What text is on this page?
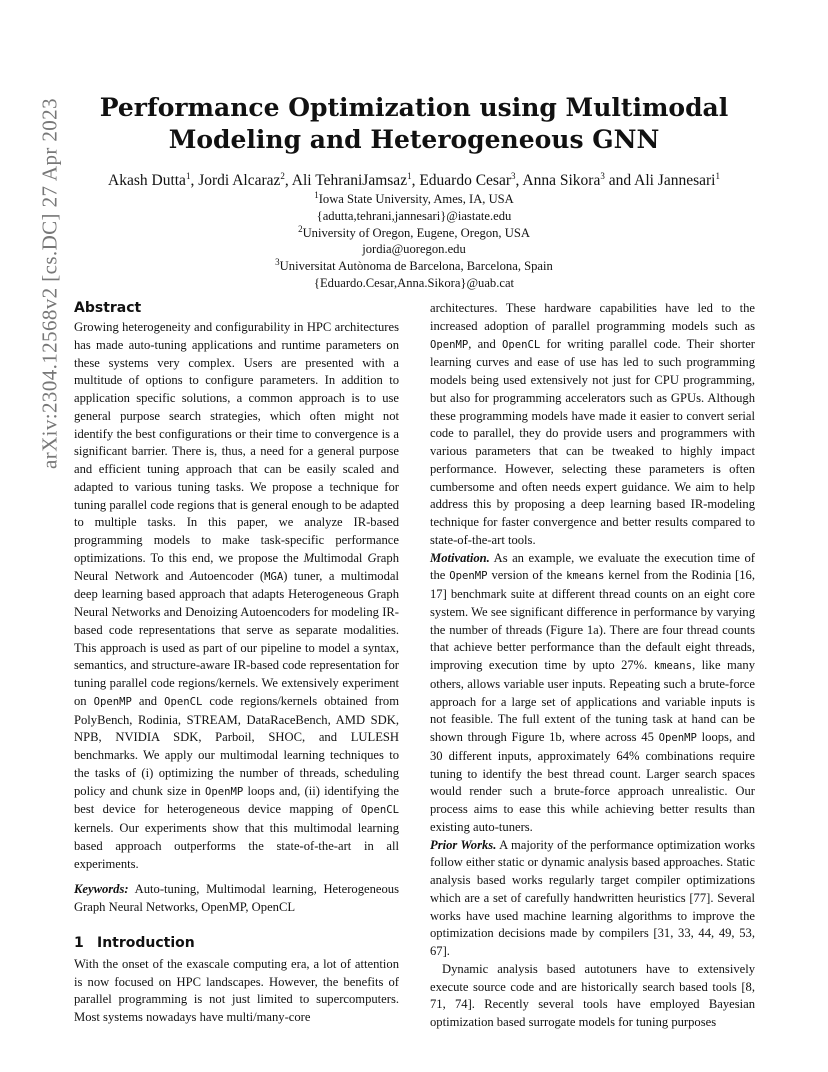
Performance Optimization using Multimodal
Modeling and Heterogeneous GNN
Akash Dutta$^1$, Jordi Alcaraz$^2$, Ali TehraniJamsaz$^1$, Eduardo Cesar$^3$, Anna Sikora$^3$ and Ali Jannesari$^1$
$^1$Iowa State University, Ames, IA, USA
{adutta,tehrani,jannesari}@iastate.edu
$^2$University of Oregon, Eugene, Oregon, USA
jordia@uoregon.edu
$^3$Universitat Autònoma de Barcelona, Barcelona, Spain
{Eduardo.Cesar,Anna.Sikora}@uab.cat
arXiv:2304.12568v2 [cs.DC] 27 Apr 2023 Abstract

Growing heterogeneity and configurability in HPC architectures has made auto-tuning applications and runtime parameters on these systems very complex. Users are presented with a multitude of options to configure parameters. In addition to application specific solutions, a common approach is to use general purpose search strategies, which often might not identify the best configurations or their time to convergence is a significant barrier. There is, thus, a need for a general purpose and efficient tuning approach that can be easily scaled and adapted to various tuning tasks. We propose a technique for tuning parallel code regions that is general enough to be adapted to multiple tasks. In this paper, we analyze IR-based programming models to make task-specific performance optimizations. To this end, we propose the Multimodal Graph Neural Network and Autoencoder (MGA) tuner, a multimodal deep learning based approach that adapts Heterogeneous Graph Neural Networks and Denoizing Autoencoders for modeling IR-based code representations that serve as separate modalities. This approach is used as part of our pipeline to model a syntax, semantics, and structure-aware IR-based code representation for tuning parallel code regions/kernels. We extensively experiment on OpenMP and OpenCL code regions/kernels obtained from PolyBench, Rodinia, STREAM, DataRaceBench, AMD SDK, NPB, NVIDIA SDK, Parboil, SHOC, and LULESH benchmarks. We apply our multimodal learning techniques to the tasks of (i) optimizing the number of threads, scheduling policy and chunk size in OpenMP loops and, (ii) identifying the best device for heterogeneous device mapping of OpenCL kernels. Our experiments show that this multimodal learning based approach outperforms the state-of-the-art in all experiments.

Keywords: Auto-tuning, Multimodal learning, Heterogeneous Graph Neural Networks, OpenMP, OpenCL

1 Introduction

With the onset of the exascale computing era, a lot of attention is now focused on HPC landscapes. However, the benefits of parallel programming is not just limited to supercomputers. Most systems nowadays have multi/many-core

architectures. These hardware capabilities have led to the increased adoption of parallel programming models such as OpenMP, and OpenCL for writing parallel code. Their shorter learning curves and ease of use has led to such programming models being used extensively not just for CPU programming, but also for programming accelerators such as GPUs. Although these programming models have made it easier to convert serial code to parallel, they do provide users and programmers with various parameters that can be tweaked to highly impact performance. However, selecting these parameters is often cumbersome and often needs expert guidance. We aim to help address this by proposing a deep learning based IR-modeling technique for faster convergence and better results compared to state-of-the-art tools.

Motivation. As an example, we evaluate the execution time of the OpenMP version of the kmeans kernel from the Rodinia [16, 17] benchmark suite at different thread counts on an eight core system. We see significant difference in performance by varying the number of threads (Figure 1a). There are four thread counts that achieve better performance than the default eight threads, improving execution time by upto 27%. kmeans, like many others, allows variable user inputs. Repeating such a brute-force approach for a large set of applications and variable inputs is not feasible. The full extent of the tuning task at hand can be shown through Figure 1b, where across 45 OpenMP loops, and 30 different inputs, approximately 64% combinations require tuning to identify the best thread count. Larger search spaces would render such a brute-force approach unrealistic. Our process aims to ease this while achieving better results than existing auto-tuners.

Prior Works. A majority of the performance optimization works follow either static or dynamic analysis based approaches. Static analysis based works regularly target compiler optimizations which are a set of carefully handwritten heuristics [77]. Several works have used machine learning algorithms to improve the optimization decisions made by compilers [31, 33, 44, 49, 53, 67].

Dynamic analysis based autotuners have to extensively execute source code and are historically search based tools [8, 71, 74]. Recently several tools have employed Bayesian optimization based surrogate models for tuning purposes
